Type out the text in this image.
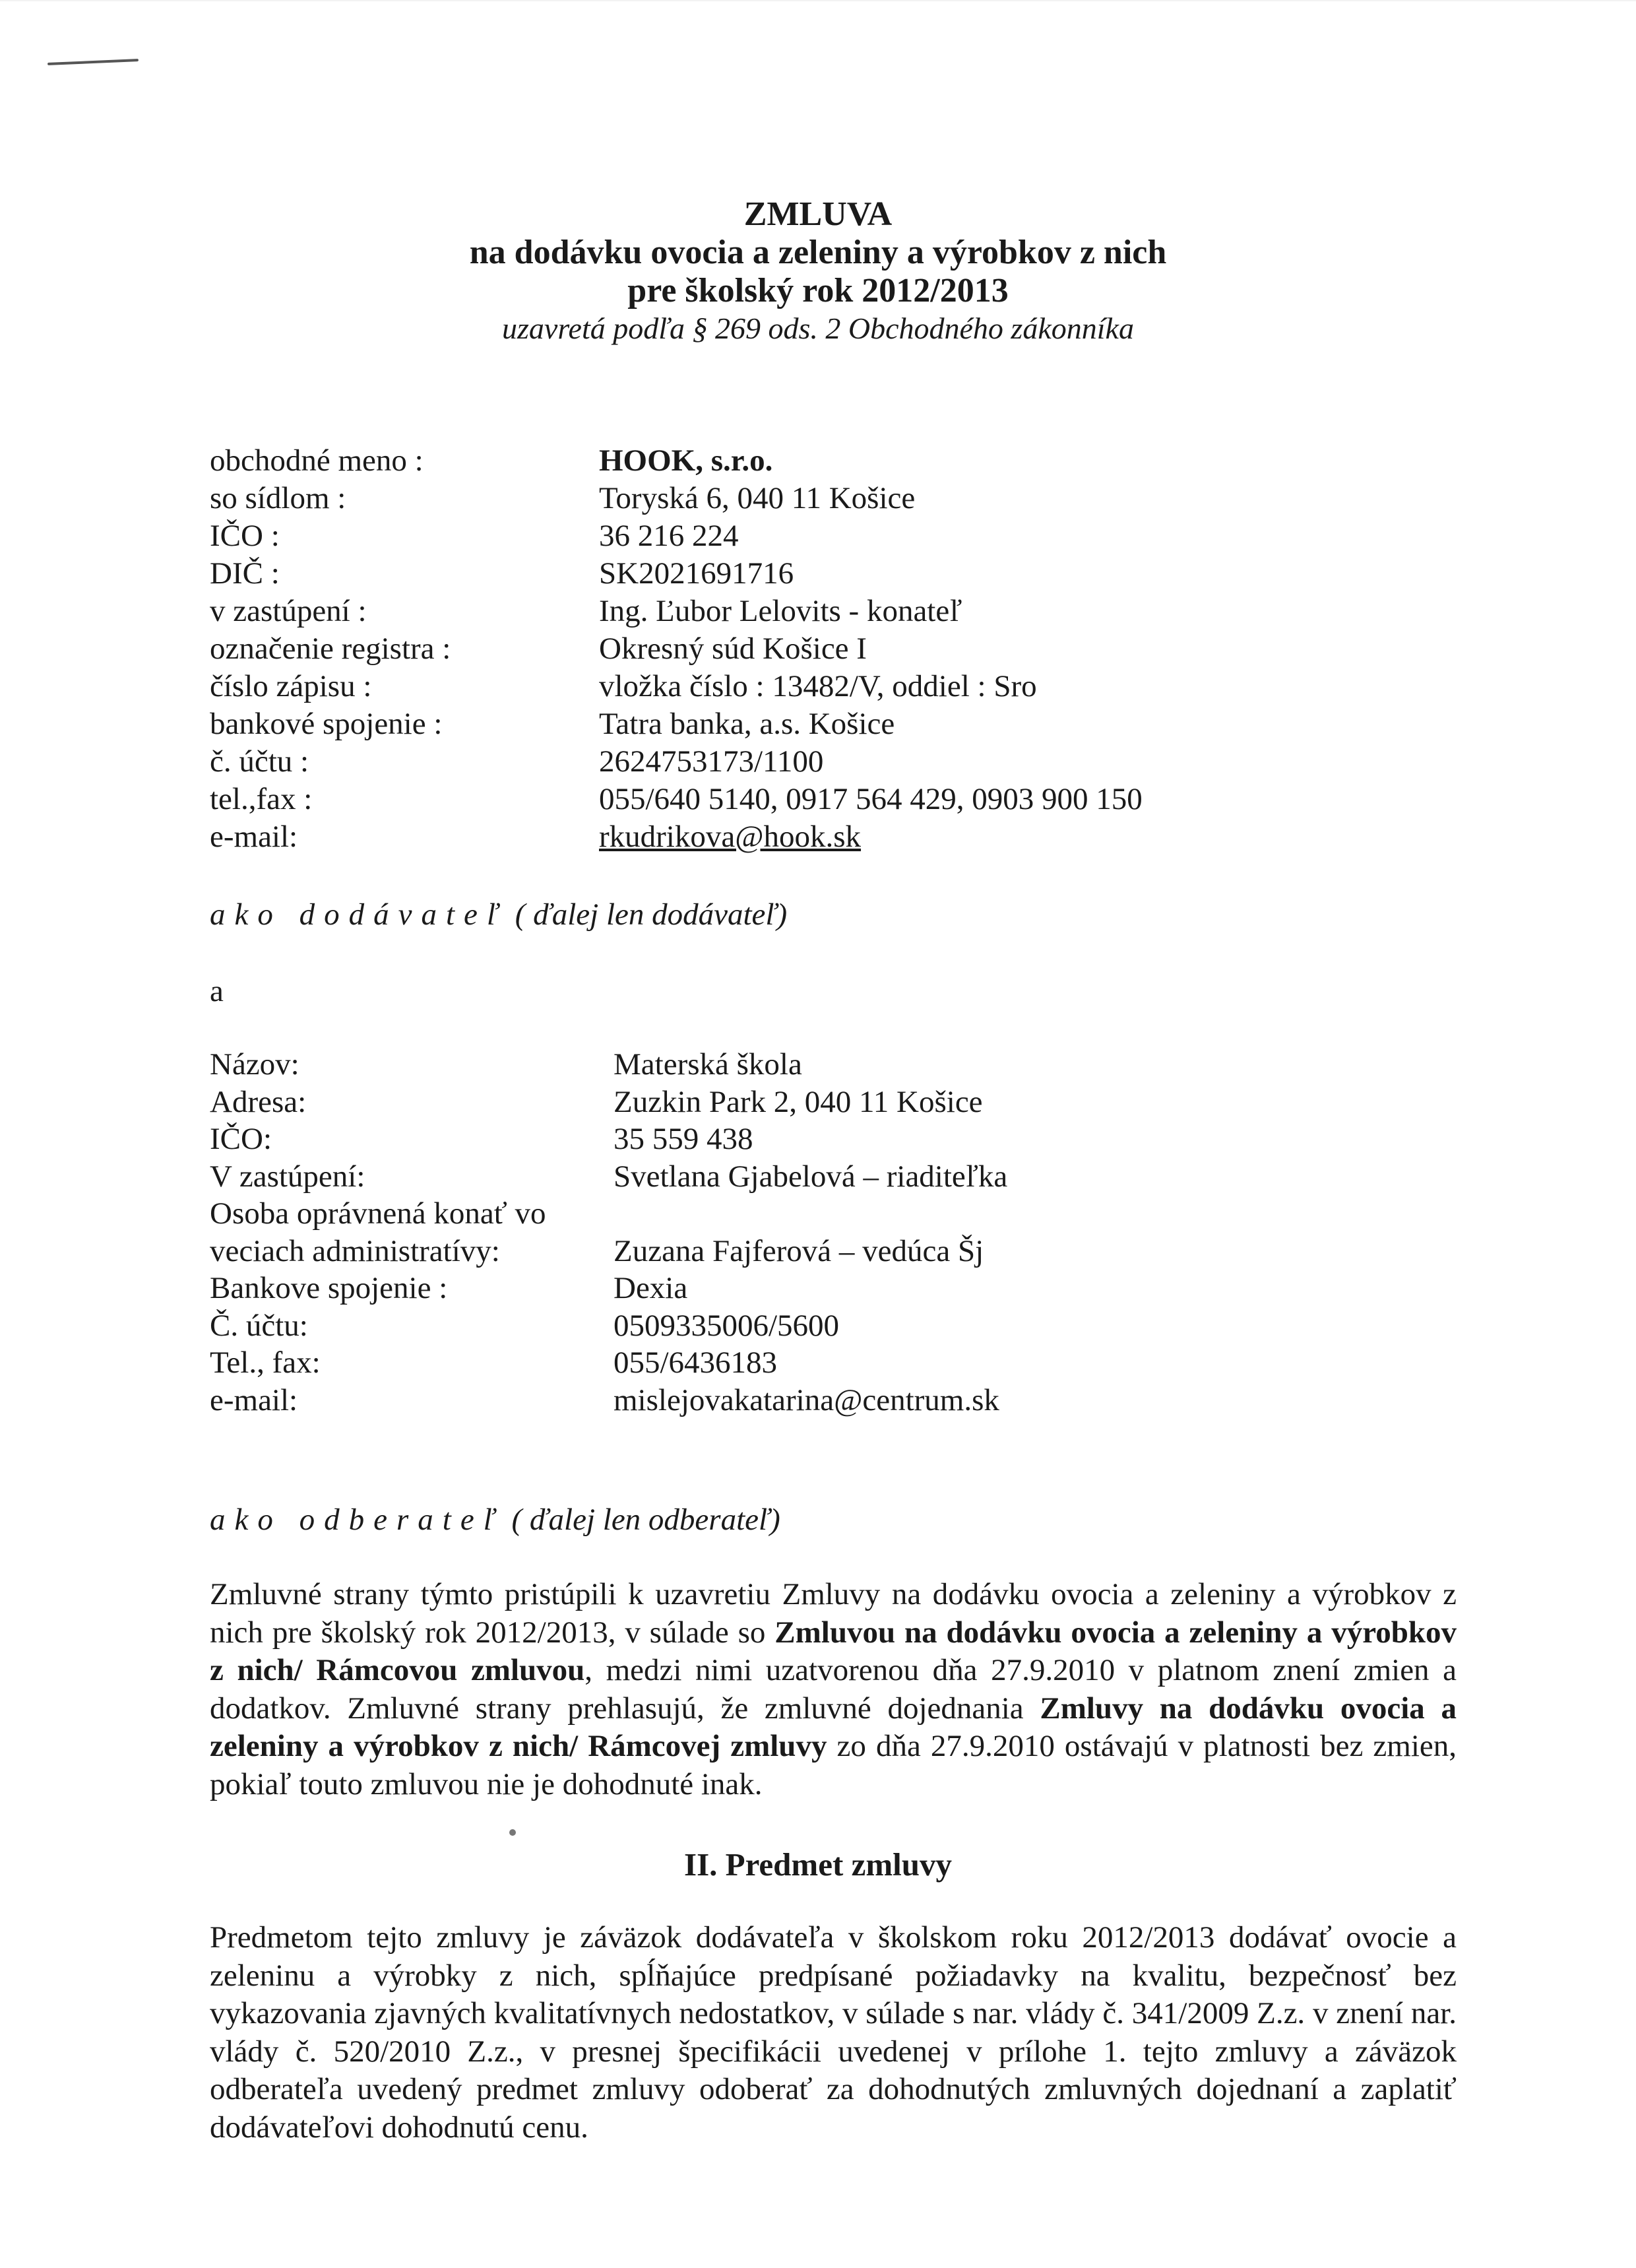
ZMLUVA
na dodávku ovocia a zeleniny a výrobkov z nich
pre školský rok 2012/2013
uzavretá podľa § 269 ods. 2 Obchodného zákonníka
obchodné meno :	HOOK, s.r.o.
so sídlom :	Toryská 6, 040 11 Košice
IČO :	36 216 224
DIČ :	SK2021691716
v zastúpení :	Ing. Ľubor Lelovits - konateľ
označenie registra :	Okresný súd Košice I
číslo zápisu :	vložka číslo : 13482/V, oddiel : Sro
bankové spojenie :	Tatra banka, a.s. Košice
č. účtu :	2624753173/1100
tel.,fax :	055/640 5140, 0917 564 429, 0903 900 150
e-mail:	rkudrikova@hook.sk
ako dodávateľ ( ďalej len dodávateľ)
a
Názov:	Materská škola
Adresa:	Zuzkin Park 2, 040 11 Košice
IČO:	35 559 438
V zastúpení:	Svetlana Gjabelová – riaditeľka
Osoba oprávnená konať vo
veciach administratívy:	Zuzana Fajferová – vedúca Šj
Bankove spojenie :	Dexia
Č. účtu:	0509335006/5600
Tel., fax:	055/6436183
e-mail:	mislejovakatarina@centrum.sk
ako odberateľ ( ďalej len odberateľ)
Zmluvné strany týmto pristúpili k uzavretiu Zmluvy na dodávku ovocia a zeleniny a výrobkov z nich pre školský rok 2012/2013, v súlade so Zmluvou na dodávku ovocia a zeleniny a výrobkov z nich/ Rámcovou zmluvou, medzi nimi uzatvorenou dňa 27.9.2010 v platnom znení zmien a dodatkov. Zmluvné strany prehlasujú, že zmluvné dojednania Zmluvy na dodávku ovocia a zeleniny a výrobkov z nich/ Rámcovej zmluvy zo dňa 27.9.2010 ostávajú v platnosti bez zmien, pokiaľ touto zmluvou nie je dohodnuté inak.
II. Predmet zmluvy
Predmetom tejto zmluvy je záväzok dodávateľa v školskom roku 2012/2013 dodávať ovocie a zeleninu a výrobky z nich, spĺňajúce predpísané požiadavky na kvalitu, bezpečnosť bez vykazovania zjavných kvalitatívnych nedostatkov, v súlade s nar. vlády č. 341/2009 Z.z. v znení nar. vlády č. 520/2010 Z.z., v presnej špecifikácii uvedenej v prílohe 1. tejto zmluvy a záväzok odberateľa uvedený predmet zmluvy odoberať za dohodnutých zmluvných dojednaní a zaplatiť dodávateľovi dohodnutú cenu.
